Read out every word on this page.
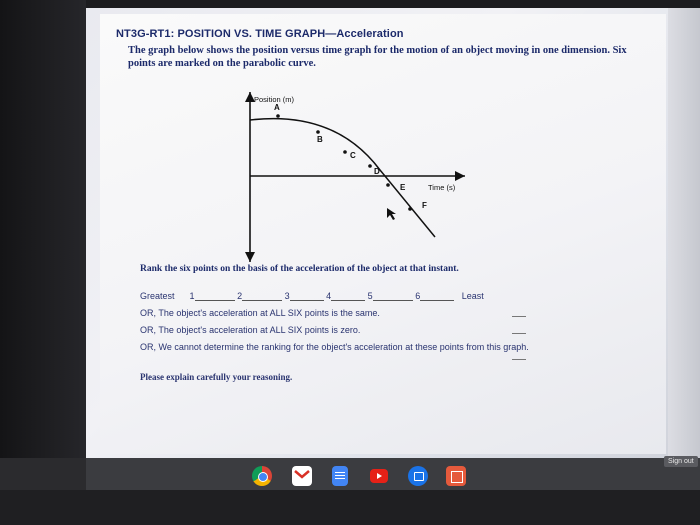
NT3G-RT1: POSITION VS. TIME GRAPH—Acceleration
The graph below shows the position versus time graph for the motion of an object moving in one dimension. Six points are marked on the parabolic curve.
Position (m)
Time (s)
A
B
C
D
E
F
Rank the six points on the basis of the acceleration of the object at that instant.
Greatest 1	2	3	4	5	6	Least
OR, The object's acceleration at ALL SIX points is the same.
OR, The object's acceleration at ALL SIX points is zero.
OR, We cannot determine the ranking for the object's acceleration at these points from this graph.
Please explain carefully your reasoning.
Sign out
